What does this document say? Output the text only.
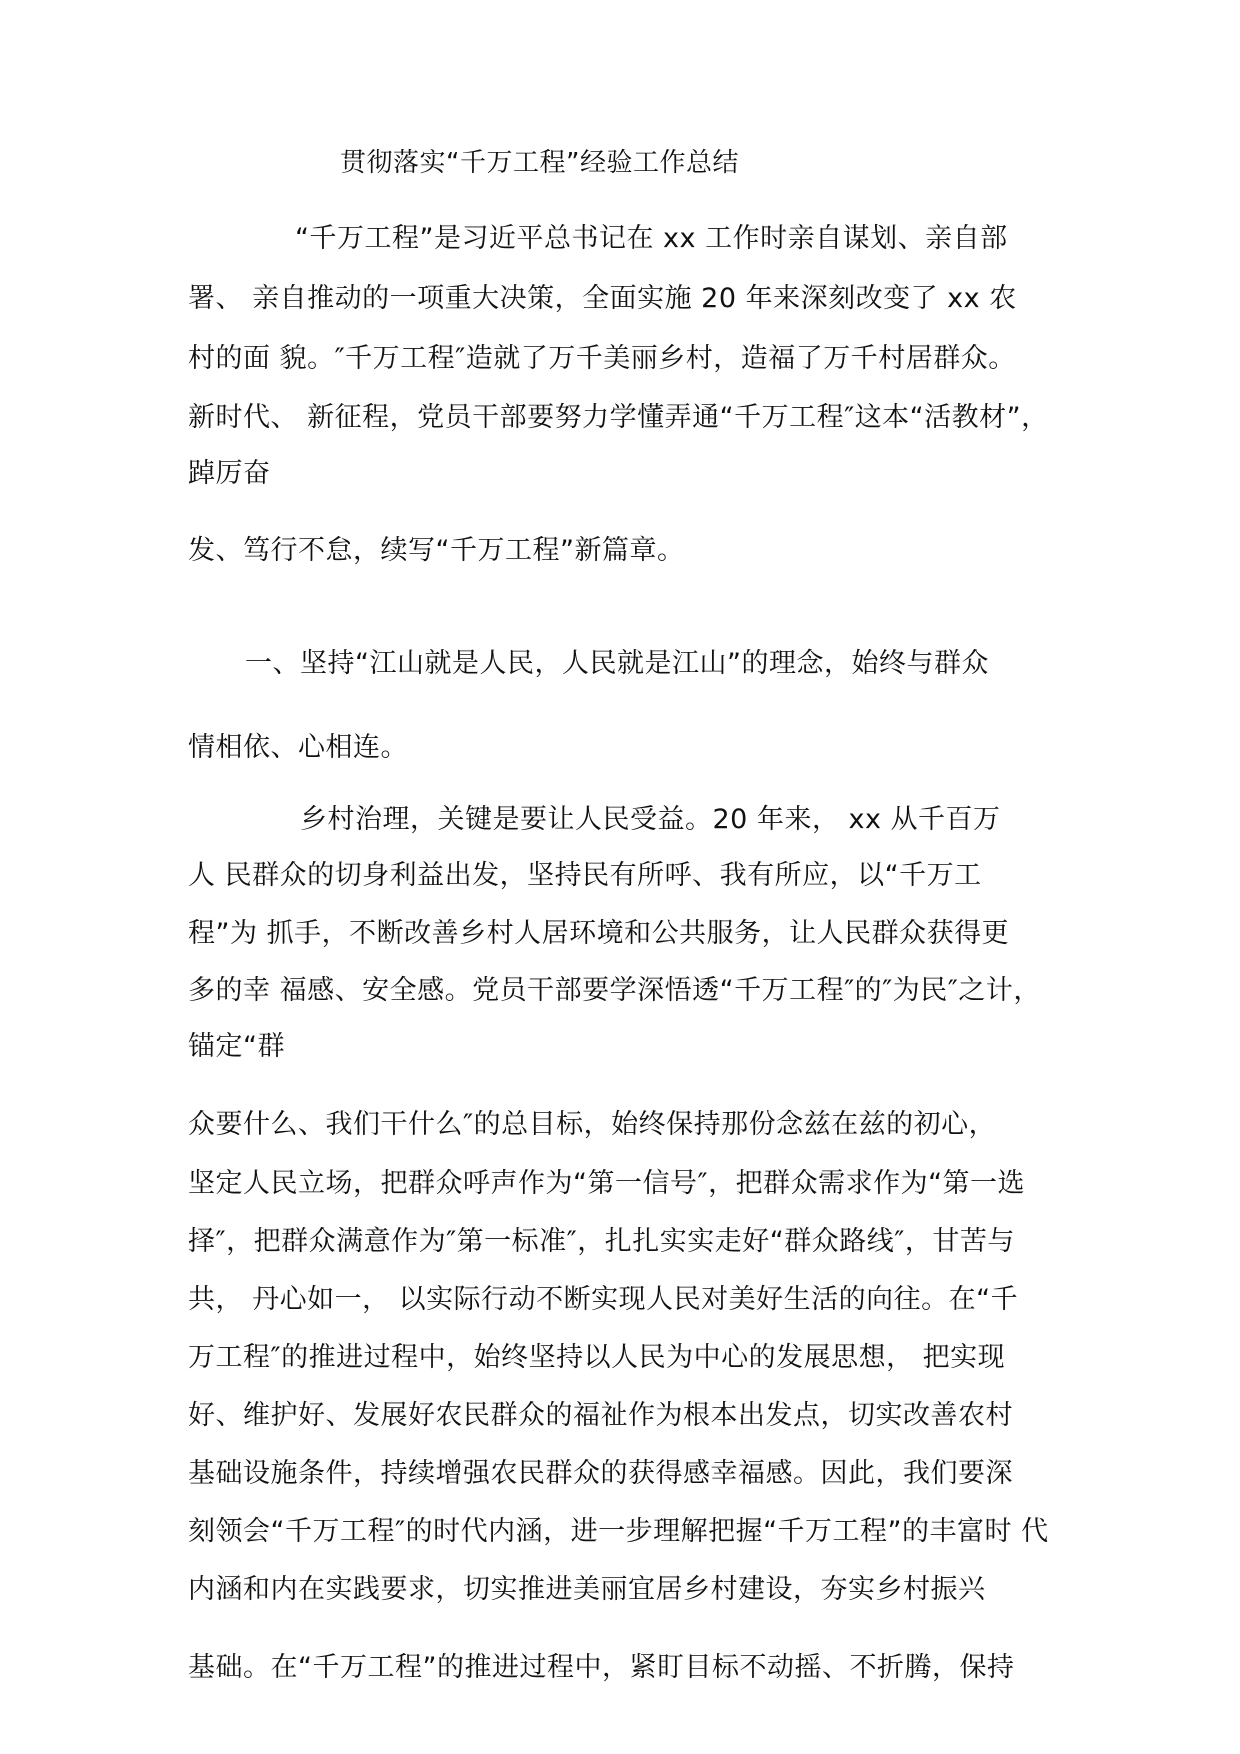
贯彻落实“千万工程”经验工作总结
“千万工程”是习近平总书记在 xx 工作时亲自谋划、亲自部
署、 亲自推动的一项重大决策，全面实施 20 年来深刻改变了 xx 农
村的面 貌。″千万工程″造就了万千美丽乡村，造福了万千村居群众。
新时代、 新征程，党员干部要努力学懂弄通“千万工程″这本“活教材”，
踔厉奋
发、笃行不怠，续写“千万工程”新篇章。
一、坚持“江山就是人民，人民就是江山”的理念，始终与群众
情相依、心相连。
乡村治理，关键是要让人民受益。20 年来， xx 从千百万
人 民群众的切身利益出发，坚持民有所呼、我有所应，以“千万工
程”为 抓手，不断改善乡村人居环境和公共服务，让人民群众获得更
多的幸 福感、安全感。党员干部要学深悟透“千万工程″的″为民″之计，
锚定“群
众要什么、我们干什么″的总目标，始终保持那份念兹在兹的初心，
坚定人民立场，把群众呼声作为“第一信号″，把群众需求作为“第一选
择″，把群众满意作为″第一标准″，扎扎实实走好“群众路线″，甘苦与
共， 丹心如一， 以实际行动不断实现人民对美好生活的向往。在“千
万工程″的推进过程中，始终坚持以人民为中心的发展思想， 把实现
好、维护好、发展好农民群众的福祉作为根本出发点，切实改善农村
基础设施条件，持续增强农民群众的获得感幸福感。因此，我们要深
刻领会“千万工程″的时代内涵，进一步理解把握“千万工程”的丰富时 代
内涵和内在实践要求，切实推进美丽宜居乡村建设，夯实乡村振兴
基础。在“千万工程”的推进过程中，紧盯目标不动摇、不折腾，保持
